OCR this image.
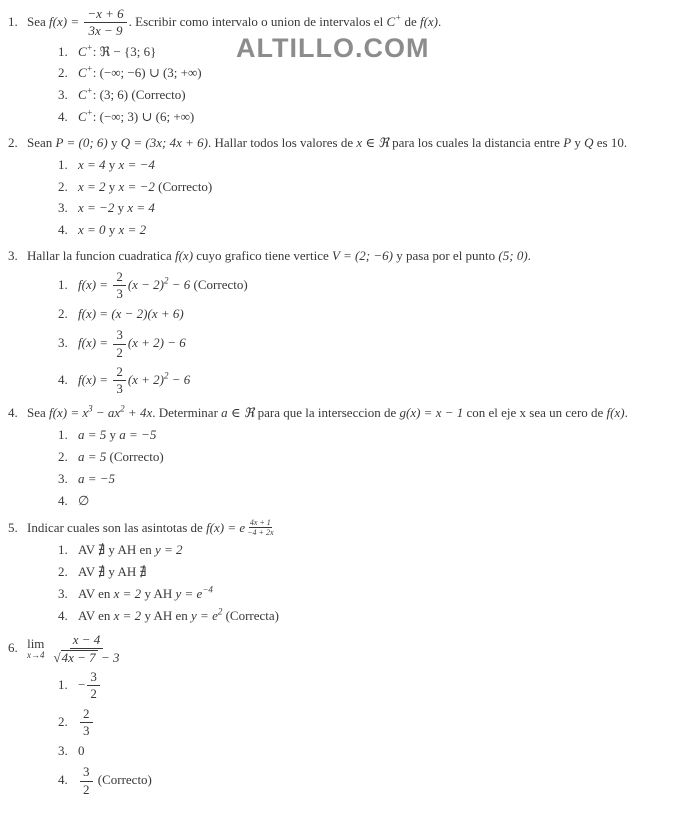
ALTILLO.COM
1. Sea $f(x) = \frac{-x + 6}{3x - 9}$ . Escribir como intervalo o union de intervalos el C+ de f(x).
1. C+: ℜ − {3; 6}
2. C+: (−∞; −6) ∪ (3; +∞)
3. C+: (3; 6) (Correcto)
4. C+: (−∞; 3) ∪ (6; +∞)
2. Sean P = (0; 6) y Q = (3x; 4x + 6). Hallar todos los valores de x ∈ ℜ para los cuales la distancia entre P y Q es 10.
1. x = 4 y x = −4
2. x = 2 y x = −2 (Correcto)
3. x = −2 y x = 4
4. x = 0 y x = 2
3. Hallar la funcion cuadratica f(x) cuyo grafico tiene vertice V = (2; −6) y pasa por el punto (5; 0).
1. $f(x) = \frac{2}{3} (x - 2)^2 - 6$ (Correcto)
2. f(x) = (x − 2)(x + 6)
3. $f(x) = \frac{3}{2} (x + 2) - 6$
4. $f(x) = \frac{2}{3} (x + 2)^2 - 6$
4. Sea $f(x) = x^3 - ax^2 + 4x$. Determinar a ∈ ℜ para que la interseccion de g(x) = x − 1 con el eje x sea un cero de f(x).
1. a = 5 y a = −5
2. a = 5 (Correcto)
3. a = −5
4. ∅
5. Indicar cuales son las asintotas de f(x) = e $\frac{4x + 1}{-4 + 2x}$
1. AV ∄ y AH en y = 2
2. AV ∄ y AH ∄
3. AV en x = 2 y AH $y = e^{-4}$
4. AV en x = 2 y AH en $y = e^2$ (Correcta)
6. lim
$x\to 4 \frac{x - 4}{√ 4x - 7 - 3}$
1. − $\frac{3}{2}$
2. $\frac{2}{3}$
3. 0
4. $\frac{3}{2}$ (Correcto)
